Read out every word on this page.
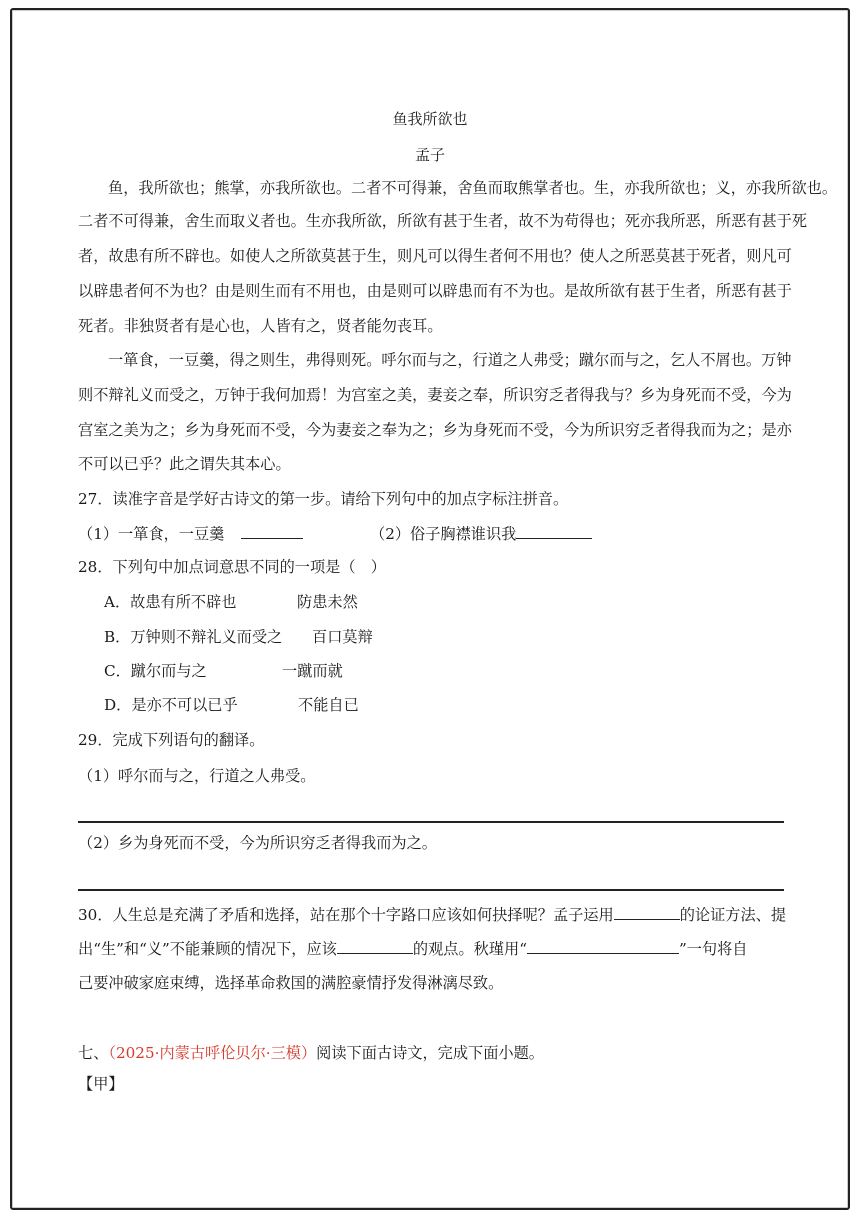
鱼我所欲也
孟子
鱼，我所欲也；熊掌，亦我所欲也。二者不可得兼，舍鱼而取熊掌者也。生，亦我所欲也；义，亦我所欲也。
二者不可得兼，舍生而取义者也。生亦我所欲，所欲有甚于生者，故不为苟得也；死亦我所恶，所恶有甚于死
者，故患有所不辟也。如使人之所欲莫甚于生，则凡可以得生者何不用也？使人之所恶莫甚于死者，则凡可
以辟患者何不为也？由是则生而有不用也，由是则可以辟患而有不为也。是故所欲有甚于生者，所恶有甚于
死者。非独贤者有是心也，人皆有之，贤者能勿丧耳。
一箪食，一豆羹，得之则生，弗得则死。呼尔而与之，行道之人弗受；蹴尔而与之，乞人不屑也。万钟
则不辩礼义而受之，万钟于我何加焉！为宫室之美，妻妾之奉，所识穷乏者得我与？乡为身死而不受，今为
宫室之美为之；乡为身死而不受，今为妻妾之奉为之；乡为身死而不受，今为所识穷乏者得我而为之；是亦
不可以已乎？此之谓失其本心。
27．读准字音是学好古诗文的第一步。请给下列句中的加点字标注拼音。
（1）一箪食，一豆羹	（2）俗子胸襟谁识我
28．下列句中加点词意思不同的一项是（　）
A．故患有所不辟也	防患未然
B．万钟则不辩礼义而受之 百口莫辩
C．蹴尔而与之	一蹴而就
D．是亦不可以已乎	不能自已
29．完成下列语句的翻译。
（1）呼尔而与之，行道之人弗受。
（2）乡为身死而不受，今为所识穷乏者得我而为之。
30．人生总是充满了矛盾和选择，站在那个十字路口应该如何抉择呢？孟子运用	的论证方法、提
出“生”和“义”不能兼顾的情况下，应该	的观点。秋瑾用“	”一句将自
己要冲破家庭束缚，选择革命救国的满腔豪情抒发得淋漓尽致。
七、（2025·内蒙古呼伦贝尔·三模）阅读下面古诗文，完成下面小题。
【甲】
